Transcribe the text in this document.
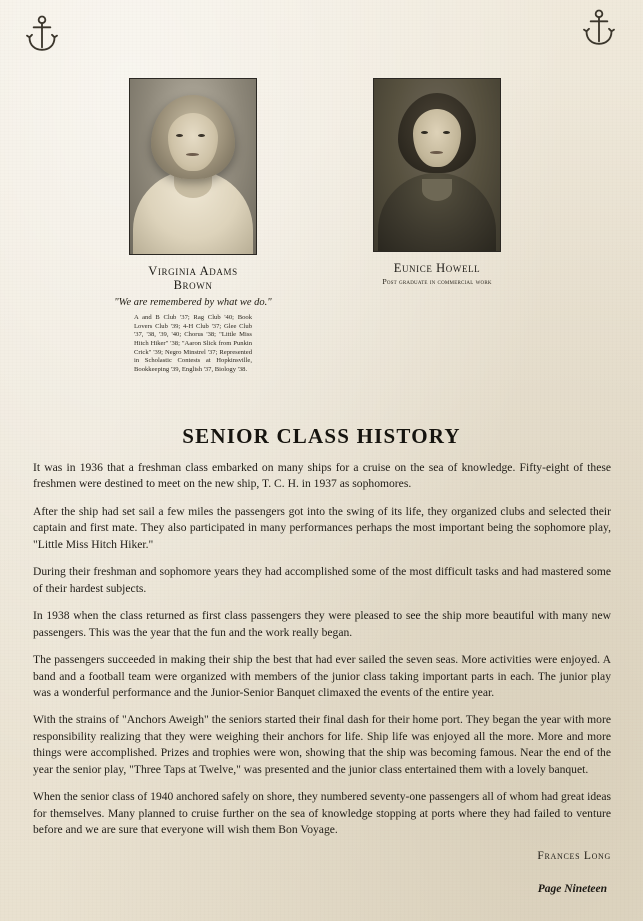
Virginia Adams
Brown
"We are remembered by what we do."
A and B Club '37; Rag Club '40; Book Lovers Club '39; 4-H Club '37; Glee Club '37, '38, '39, '40; Chorus '38; "Little Miss Hitch Hiker" '38; "Aaron Slick from Punkin Crick" '39; Negro Minstrel '37; Represented in Scholastic Contests at Hopkinsville, Bookkeeping '39, English '37, Biology '38.
Eunice Howell
Post graduate in commercial work
SENIOR CLASS HISTORY

It was in 1936 that a freshman class embarked on many ships for a cruise on the sea of knowledge. Fifty-eight of these freshmen were destined to meet on the new ship, T. C. H. in 1937 as sophomores.

After the ship had set sail a few miles the passengers got into the swing of its life, they organized clubs and selected their captain and first mate. They also participated in many performances perhaps the most important being the sophomore play, "Little Miss Hitch Hiker."

During their freshman and sophomore years they had accomplished some of the most difficult tasks and had mastered some of their hardest subjects.

In 1938 when the class returned as first class passengers they were pleased to see the ship more beautiful with many new passengers. This was the year that the fun and the work really began.

The passengers succeeded in making their ship the best that had ever sailed the seven seas. More activities were enjoyed. A band and a football team were organized with members of the junior class taking important parts in each. The junior play was a wonderful performance and the Junior-Senior Banquet climaxed the events of the entire year.

With the strains of "Anchors Aweigh" the seniors started their final dash for their home port. They began the year with more responsibility realizing that they were weighing their anchors for life. Ship life was enjoyed all the more. More and more things were accomplished. Prizes and trophies were won, showing that the ship was becoming famous. Near the end of the year the senior play, "Three Taps at Twelve," was presented and the junior class entertained them with a lovely banquet.

When the senior class of 1940 anchored safely on shore, they numbered seventy-one passengers all of whom had great ideas for themselves. Many planned to cruise further on the sea of knowledge stopping at ports where they had failed to venture before and we are sure that everyone will wish them Bon Voyage.

Frances Long
Page Nineteen
